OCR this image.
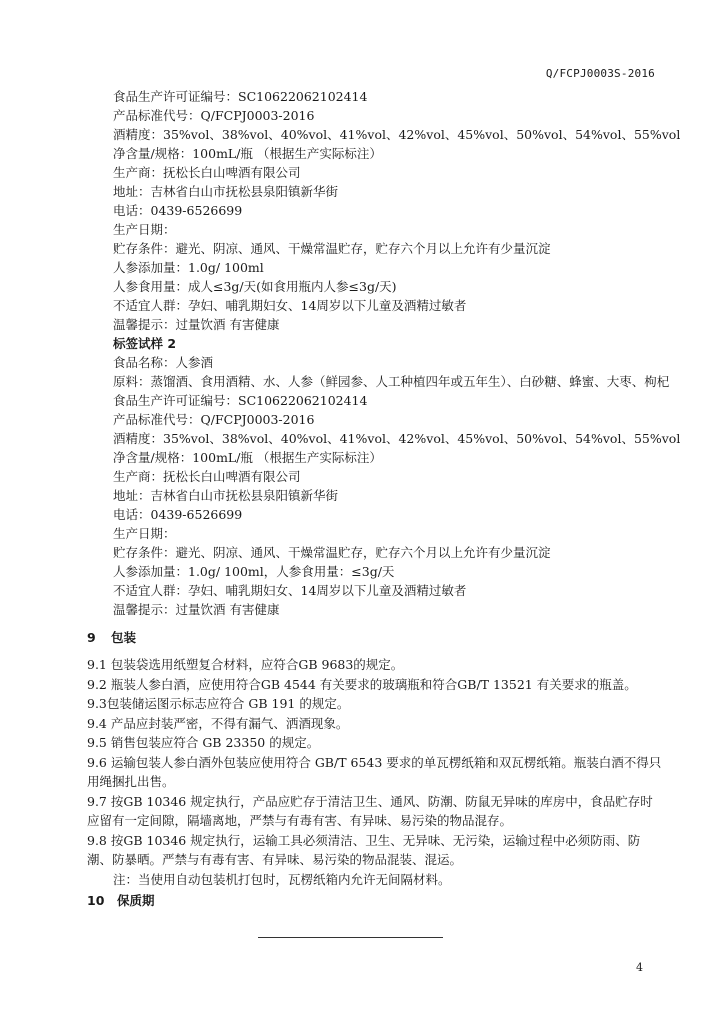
Q/FCPJ0003S-2016
食品生产许可证编号：SC10622062102414
产品标准代号：Q/FCPJ0003-2016
酒精度：35%vol、38%vol、40%vol、41%vol、42%vol、45%vol、50%vol、54%vol、55%vol
净含量/规格：100mL/瓶 （根据生产实际标注）
生产商：抚松长白山啤酒有限公司
地址：吉林省白山市抚松县泉阳镇新华街
电话：0439-6526699
生产日期：
贮存条件：避光、阴凉、通风、干燥常温贮存，贮存六个月以上允许有少量沉淀
人参添加量：1.0g/ 100ml
人参食用量：成人≤3g/天(如食用瓶内人参≤3g/天)
不适宜人群：孕妇、哺乳期妇女、14周岁以下儿童及酒精过敏者
温馨提示：过量饮酒 有害健康
标签试样 2
食品名称：人参酒
原料：蒸馏酒、食用酒精、水、人参（鲜园参、人工种植四年或五年生）、白砂糖、蜂蜜、大枣、枸杞
食品生产许可证编号：SC10622062102414
产品标准代号：Q/FCPJ0003-2016
酒精度：35%vol、38%vol、40%vol、41%vol、42%vol、45%vol、50%vol、54%vol、55%vol
净含量/规格：100mL/瓶 （根据生产实际标注）
生产商：抚松长白山啤酒有限公司
地址：吉林省白山市抚松县泉阳镇新华街
电话：0439-6526699
生产日期：
贮存条件：避光、阴凉、通风、干燥常温贮存，贮存六个月以上允许有少量沉淀
人参添加量：1.0g/ 100ml，人参食用量：≤3g/天
不适宜人群：孕妇、哺乳期妇女、14周岁以下儿童及酒精过敏者
温馨提示：过量饮酒 有害健康
9 包装
9.1 包装袋选用纸塑复合材料，应符合GB 9683的规定。
9.2 瓶装人参白酒，应使用符合GB 4544 有关要求的玻璃瓶和符合GB/T 13521 有关要求的瓶盖。
9.3包装储运图示标志应符合 GB 191 的规定。
9.4 产品应封装严密，不得有漏气、洒酒现象。
9.5 销售包装应符合 GB 23350 的规定。
9.6 运输包装人参白酒外包装应使用符合 GB/T 6543 要求的单瓦楞纸箱和双瓦楞纸箱。瓶装白酒不得只用绳捆扎出售。
9.7 按GB 10346 规定执行，产品应贮存于清洁卫生、通风、防潮、防鼠无异味的库房中，食品贮存时应留有一定间隙，隔墙离地，严禁与有毒有害、有异味、易污染的物品混存。
9.8 按GB 10346 规定执行，运输工具必须清洁、卫生、无异味、无污染，运输过程中必须防雨、防潮、防暴晒。严禁与有毒有害、有异味、易污染的物品混装、混运。
注：当使用自动包装机打包时，瓦楞纸箱内允许无间隔材料。
10 保质期
4
